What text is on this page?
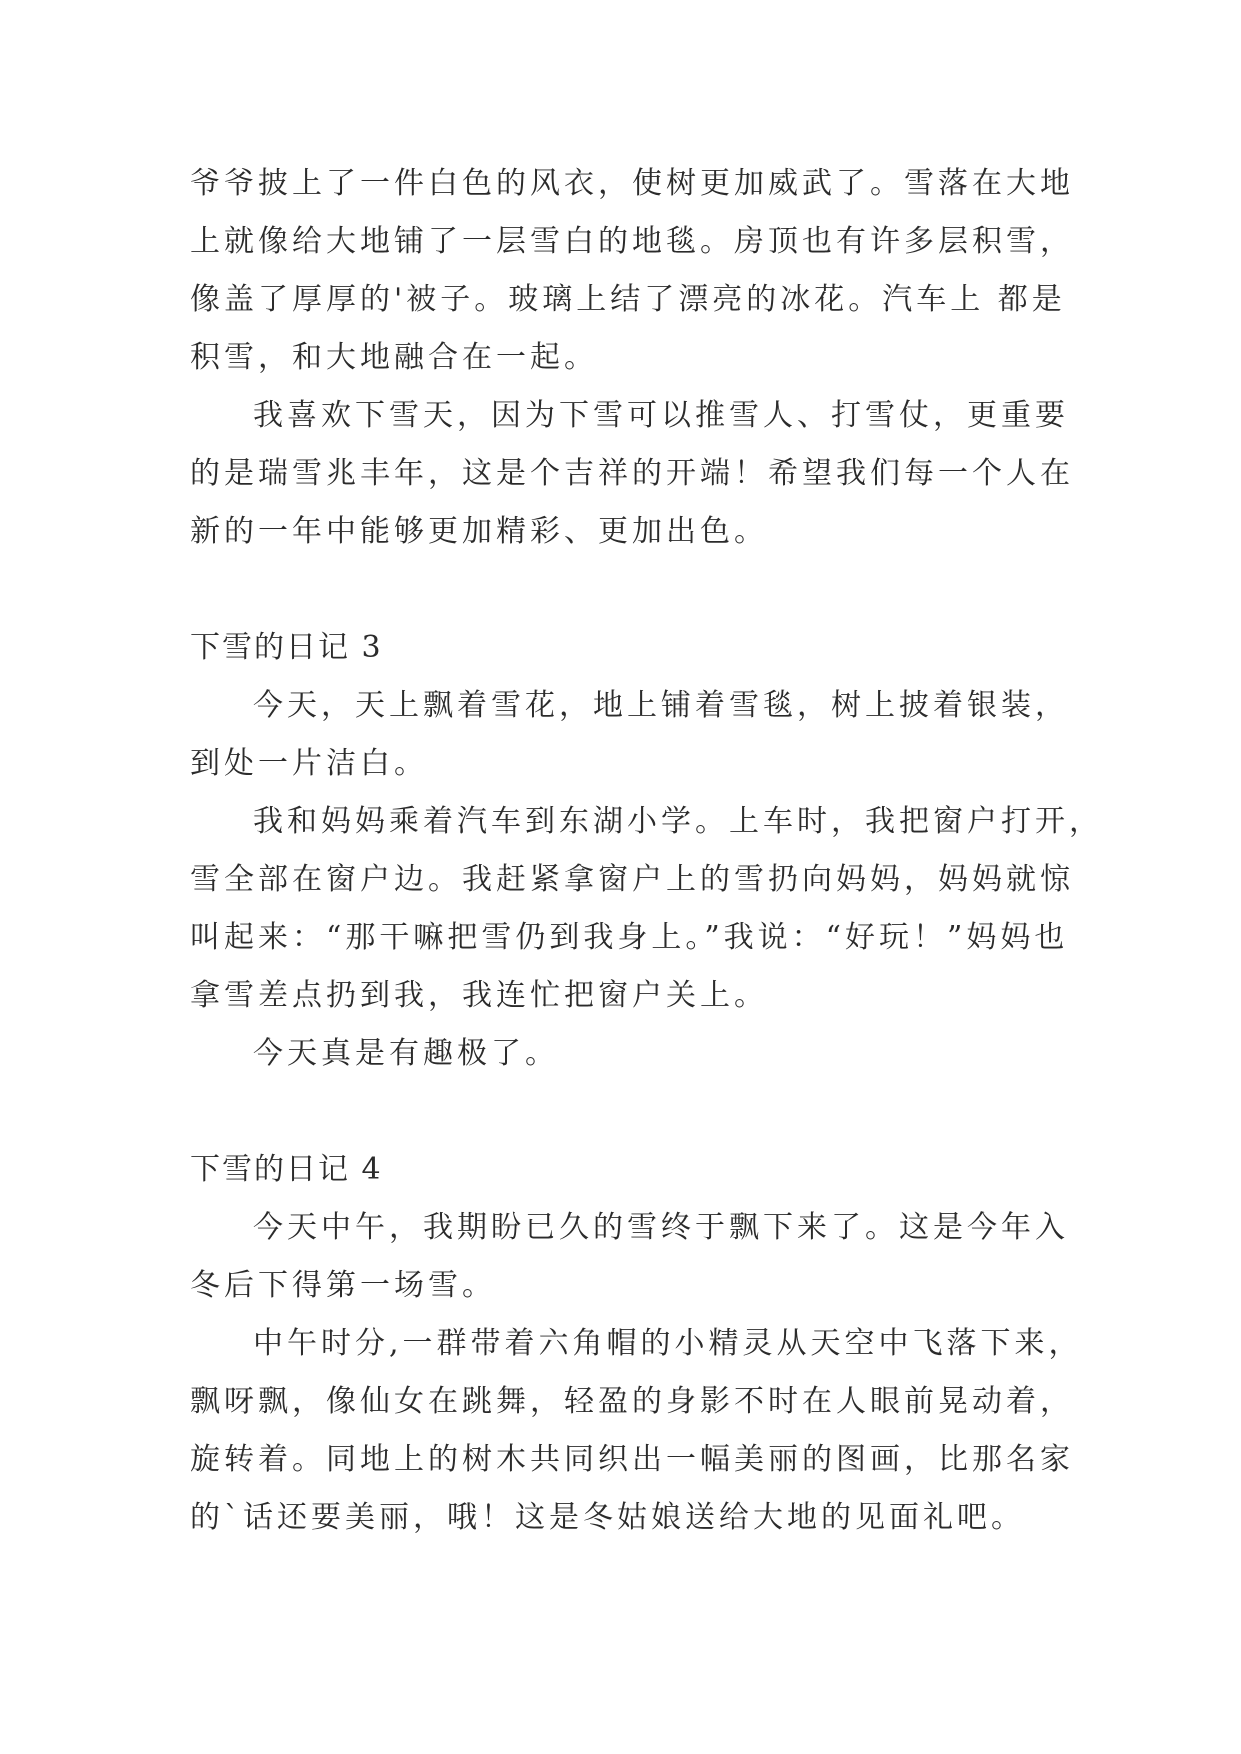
爷爷披上了一件白色的风衣，使树更加威武了。雪落在大地
上就像给大地铺了一层雪白的地毯。房顶也有许多层积雪，
像盖了厚厚的'被子。玻璃上结了漂亮的冰花。汽车上 都是
积雪，和大地融合在一起。
我喜欢下雪天，因为下雪可以推雪人、打雪仗，更重要
的是瑞雪兆丰年，这是个吉祥的开端！希望我们每一个人在
新的一年中能够更加精彩、更加出色。
下雪的日记 3
今天，天上飘着雪花，地上铺着雪毯，树上披着银装，
到处一片洁白。
我和妈妈乘着汽车到东湖小学。上车时，我把窗户打开，
雪全部在窗户边。我赶紧拿窗户上的雪扔向妈妈，妈妈就惊
叫起来：“那干嘛把雪仍到我身上。”我说：“好玩！”妈妈也
拿雪差点扔到我，我连忙把窗户关上。
今天真是有趣极了。
下雪的日记 4
今天中午，我期盼已久的雪终于飘下来了。这是今年入
冬后下得第一场雪。
中午时分,一群带着六角帽的小精灵从天空中飞落下来，
飘呀飘，像仙女在跳舞，轻盈的身影不时在人眼前晃动着，
旋转着。同地上的树木共同织出一幅美丽的图画，比那名家
的`话还要美丽，哦！这是冬姑娘送给大地的见面礼吧。
